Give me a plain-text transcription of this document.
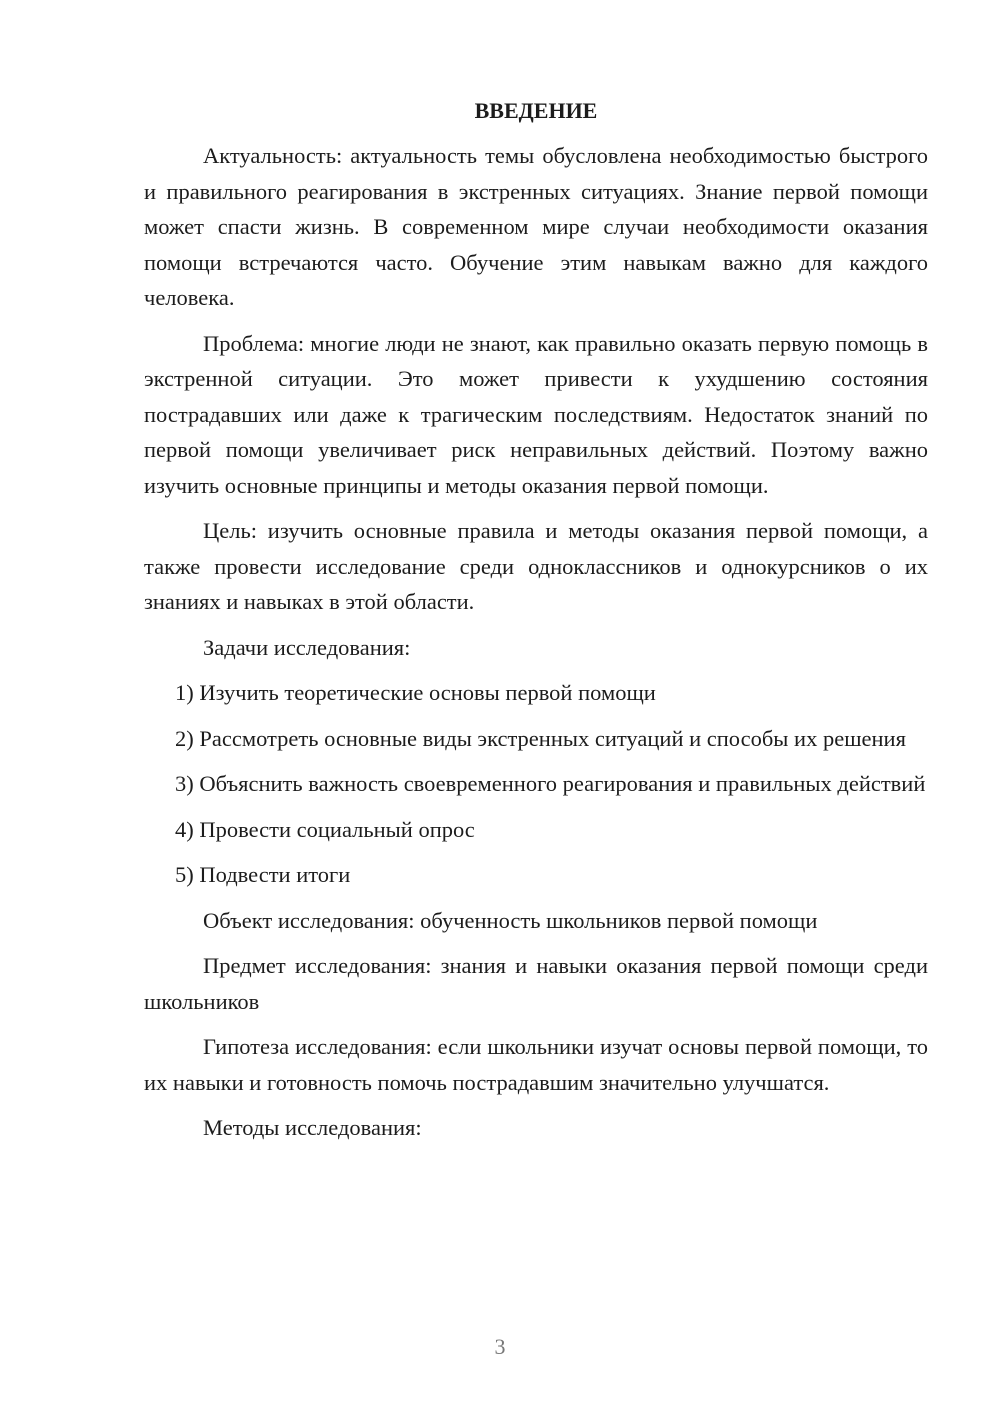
ВВЕДЕНИЕ

Актуальность: актуальность темы обусловлена необходимостью быстрого и правильного реагирования в экстренных ситуациях. Знание первой помощи может спасти жизнь. В современном мире случаи необходимости оказания помощи встречаются часто. Обучение этим навыкам важно для каждого человека.

Проблема: многие люди не знают, как правильно оказать первую помощь в экстренной ситуации. Это может привести к ухудшению состояния пострадавших или даже к трагическим последствиям. Недостаток знаний по первой помощи увеличивает риск неправильных действий. Поэтому важно изучить основные принципы и методы оказания первой помощи.

Цель: изучить основные правила и методы оказания первой помощи, а также провести исследование среди одноклассников и однокурсников о их знаниях и навыках в этой области.

Задачи исследования:

1) Изучить теоретические основы первой помощи

2) Рассмотреть основные виды экстренных ситуаций и способы их решения

3) Объяснить важность своевременного реагирования и правильных действий

4) Провести социальный опрос

5) Подвести итоги

Объект исследования: обученность школьников первой помощи

Предмет исследования: знания и навыки оказания первой помощи среди школьников

Гипотеза исследования: если школьники изучат основы первой помощи, то их навыки и готовность помочь пострадавшим значительно улучшатся.

Методы исследования:

3
